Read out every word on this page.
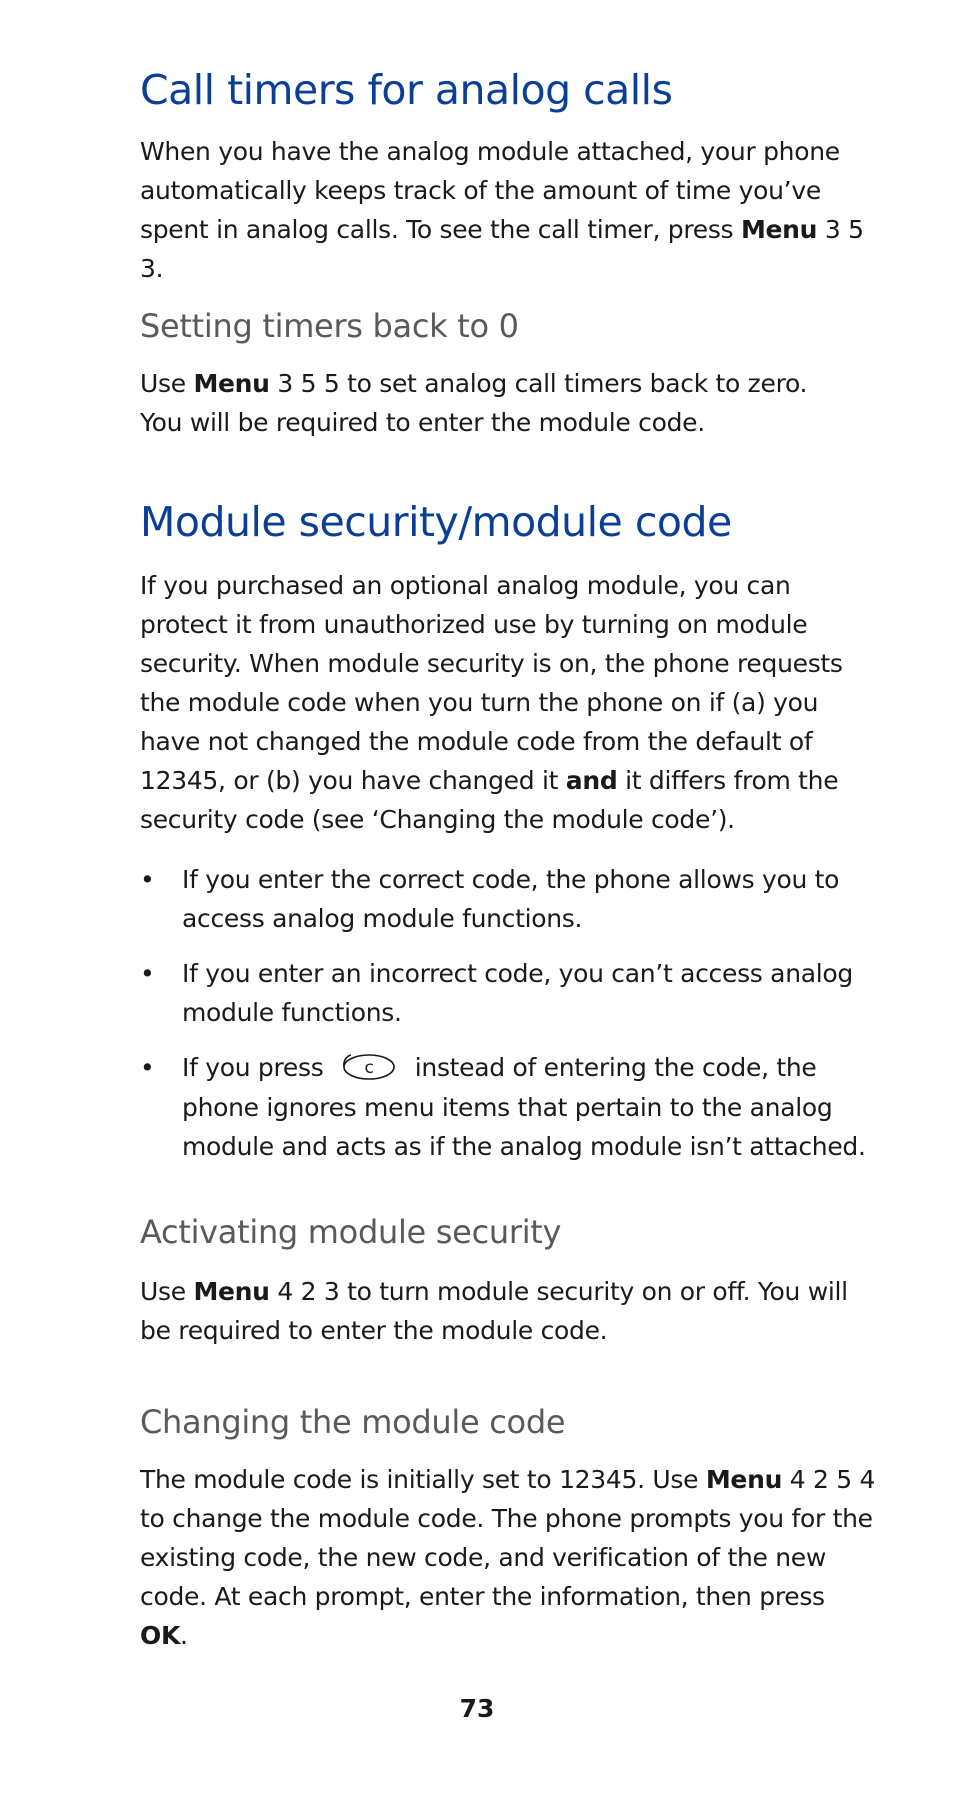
Call timers for analog calls

When you have the analog module attached, your phone automatically keeps track of the amount of time you’ve spent in analog calls. To see the call timer, press Menu 3 5 3.

Setting timers back to 0

Use Menu 3 5 5 to set analog call timers back to zero. You will be required to enter the module code.

Module security/module code

If you purchased an optional analog module, you can protect it from unauthorized use by turning on module security. When module security is on, the phone requests the module code when you turn the phone on if (a) you have not changed the module code from the default of 12345, or (b) you have changed it and it differs from the security code (see ‘Changing the module code’).

• If you enter the correct code, the phone allows you to access analog module functions.
• If you enter an incorrect code, you can’t access analog module functions.
• If you press c instead of entering the code, the phone ignores menu items that pertain to the analog module and acts as if the analog module isn’t attached.
Activating module security

Use Menu 4 2 3 to turn module security on or off. You will be required to enter the module code.

Changing the module code

The module code is initially set to 12345. Use Menu 4 2 5 4 to change the module code. The phone prompts you for the existing code, the new code, and verification of the new code. At each prompt, enter the information, then press OK.

73
